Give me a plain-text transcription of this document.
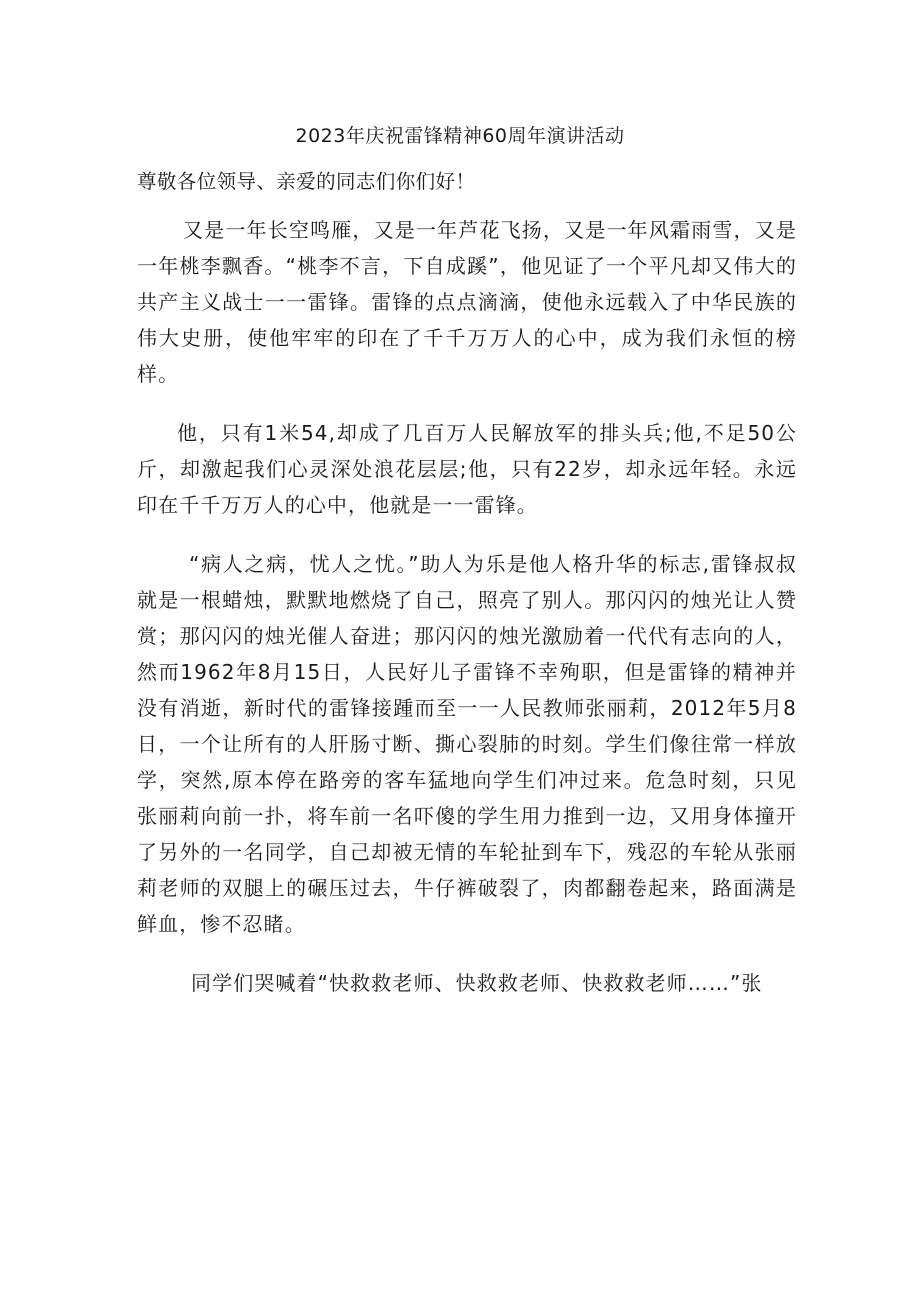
2023年庆祝雷锋精神60周年演讲活动

尊敬各位领导、亲爱的同志们你们好！

又是一年长空鸣雁，又是一年芦花飞扬，又是一年风霜雨雪，又是一年桃李飘香。“桃李不言，下自成蹊”，他见证了一个平凡却又伟大的共产主义战士一一雷锋。雷锋的点点滴滴，使他永远载入了中华民族的伟大史册，使他牢牢的印在了千千万万人的心中，成为我们永恒的榜样。

他，只有1米54,却成了几百万人民解放军的排头兵;他,不足50公斤，却激起我们心灵深处浪花层层;他，只有22岁，却永远年轻。永远印在千千万万人的心中，他就是一一雷锋。

“病人之病，忧人之忧。”助人为乐是他人格升华的标志,雷锋叔叔就是一根蜡烛，默默地燃烧了自己，照亮了别人。那闪闪的烛光让人赞赏；那闪闪的烛光催人奋进；那闪闪的烛光激励着一代代有志向的人，然而1962年8月15日，人民好儿子雷锋不幸殉职，但是雷锋的精神并没有消逝，新时代的雷锋接踵而至一一人民教师张丽莉，2012年5月8日，一个让所有的人肝肠寸断、撕心裂肺的时刻。学生们像往常一样放学，突然,原本停在路旁的客车猛地向学生们冲过来。危急时刻，只见张丽莉向前一扑，将车前一名吓傻的学生用力推到一边，又用身体撞开了另外的一名同学，自己却被无情的车轮扯到车下，残忍的车轮从张丽莉老师的双腿上的碾压过去，牛仔裤破裂了，肉都翻卷起来，路面满是鲜血，惨不忍睹。

同学们哭喊着“快救救老师、快救救老师、快救救老师……”张
